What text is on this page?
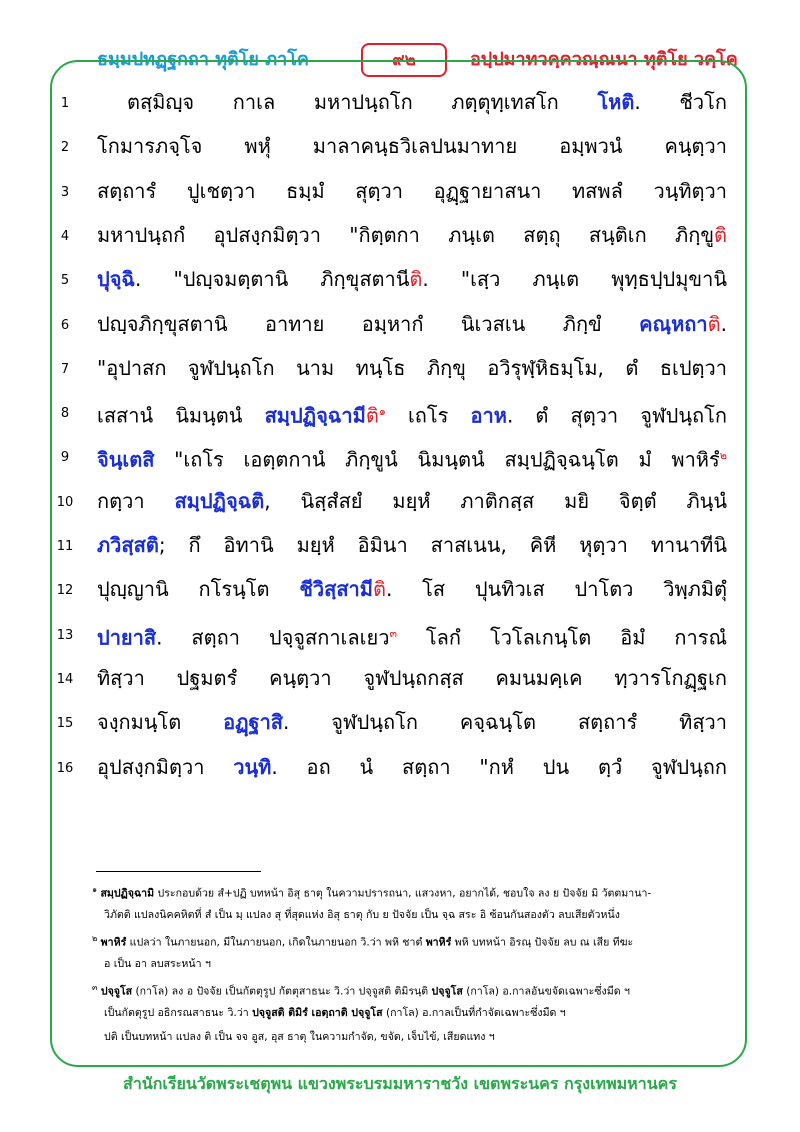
ธมฺมปทฏฺฐกถา ทุติโย ภาโค	๙๒	อปฺปมาทวคฺควณฺณนา ทุติโย วคฺโค
1	ตสฺมิญฺจ กาเล มหาปนฺถโก ภตฺตุทฺเทสโก โหติ. ชีวโก
2	โกมารภจฺโจ พหุํ มาลาคนฺธวิเลปนมาทาย อมฺพวนํ คนฺตฺวา
3	สตฺถารํ ปูเชตฺวา ธมฺมํ สุตฺวา อุฏฺฐายาสนา ทสพลํ วนฺทิตฺวา
4	มหาปนฺถกํ อุปสงฺกมิตฺวา "กิตฺตกา ภนฺเต สตฺถุ สนฺติเก ภิกฺขูติ
5	ปุจฺฉิ. "ปญฺจมตฺตานิ ภิกฺขุสตานีติ. "เสฺว ภนฺเต พุทฺธปฺปมุขานิ
6	ปญฺจภิกฺขุสตานิ อาทาย อมฺหากํ นิเวสเน ภิกฺขํ คณฺหถาติ.
7	"อุปาสก จูฬปนฺถโก นาม ทนฺโธ ภิกฺขุ อวิรุฬฺหิธมฺโม, ตํ ธเปตฺวา
8	เสสานํ นิมนฺตนํ สมฺปฏิจฺฉามีติ$^๑$ เถโร อาห. ตํ สุตฺวา จูฬปนฺถโก
9	จินฺเตสิ "เถโร เอตฺตกานํ ภิกฺขูนํ นิมนฺตนํ สมฺปฏิจฺฉนฺโต มํ พาหิรํ$^๒$
10	กตฺวา สมฺปฏิจฺฉติ, นิสฺสํสยํ มยฺหํ ภาติกสฺส มยิ จิตฺตํ ภินฺนํ
11	ภวิสฺสติ; กึ อิทานิ มยฺหํ อิมินา สาสเนน, คิหี หุตฺวา ทานาทีนิ
12	ปุญฺญานิ กโรนฺโต ชีวิสฺสามีติ. โส ปุนทิวเส ปาโตว วิพฺภมิตุํ
13	ปายาสิ. สตฺถา ปจฺจูสกาเลเยว$^๓$ โลกํ โวโลเกนฺโต อิมํ การณํ
14	ทิสฺวา ปฐมตรํ คนฺตฺวา จูฬปนฺถกสฺส คมนมคฺเค ทฺวารโกฏฺฐเก
15	จงฺกมนฺโต อฏฺฐาสิ. จูฬปนฺถโก คจฺฉนฺโต สตฺถารํ ทิสฺวา
16	อุปสงฺกมิตฺวา วนฺทิ. อถ นํ สตฺถา "กหํ ปน ตฺวํ จูฬปนฺถก
$^๑$ สมฺปฏิจฺฉามิ ประกอบด้วย สํ+ปฏิ บทหน้า อิสุ ธาตุ ในความปรารถนา, แสวงหา, อยากได้, ชอบใจ ลง ย ปัจจัย มิ วัตตมานา-
วิภัตติ แปลงนิคคหิตที่ สํ เป็น มฺ แปลง สุ ที่สุดแห่ง อิสุ ธาตุ กับ ย ปัจจัย เป็น จฺฉ สระ อิ ซ้อนกันสองตัว ลบเสียตัวหนึ่ง
$^๒$ พาหิรํ แปลว่า ในภายนอก, มีในภายนอก, เกิดในภายนอก วิ.ว่า พหิ ชาตํ พาหิรํ พหิ บทหน้า อิรณฺ ปัจจัย ลบ ณ เสีย ทีฆะ
อ เป็น อา ลบสระหน้า ฯ
$^๓$ ปจฺจูโส (กาโล) ลง อ ปัจจัย เป็นกัตตุรูป กัตตุสาธนะ วิ.ว่า ปจฺจูสติ ติมิรนฺติ ปจฺจูโส (กาโล) อ.กาลอันขจัดเฉพาะซึ่งมืด ฯ
เป็นกัตตุรูป อธิกรณสาธนะ วิ.ว่า ปจฺจูสติ ติมิรํ เอตฺถาติ ปจฺจูโส (กาโล) อ.กาลเป็นที่กำจัดเฉพาะซึ่งมืด ฯ
ปติ เป็นบทหน้า แปลง ติ เป็น จจ อูส, อุส ธาตุ ในความกำจัด, ขจัด, เจ็บไข้, เสียดแทง ฯ
สำนักเรียนวัดพระเชตุพน แขวงพระบรมมหาราชวัง เขตพระนคร กรุงเทพมหานคร
